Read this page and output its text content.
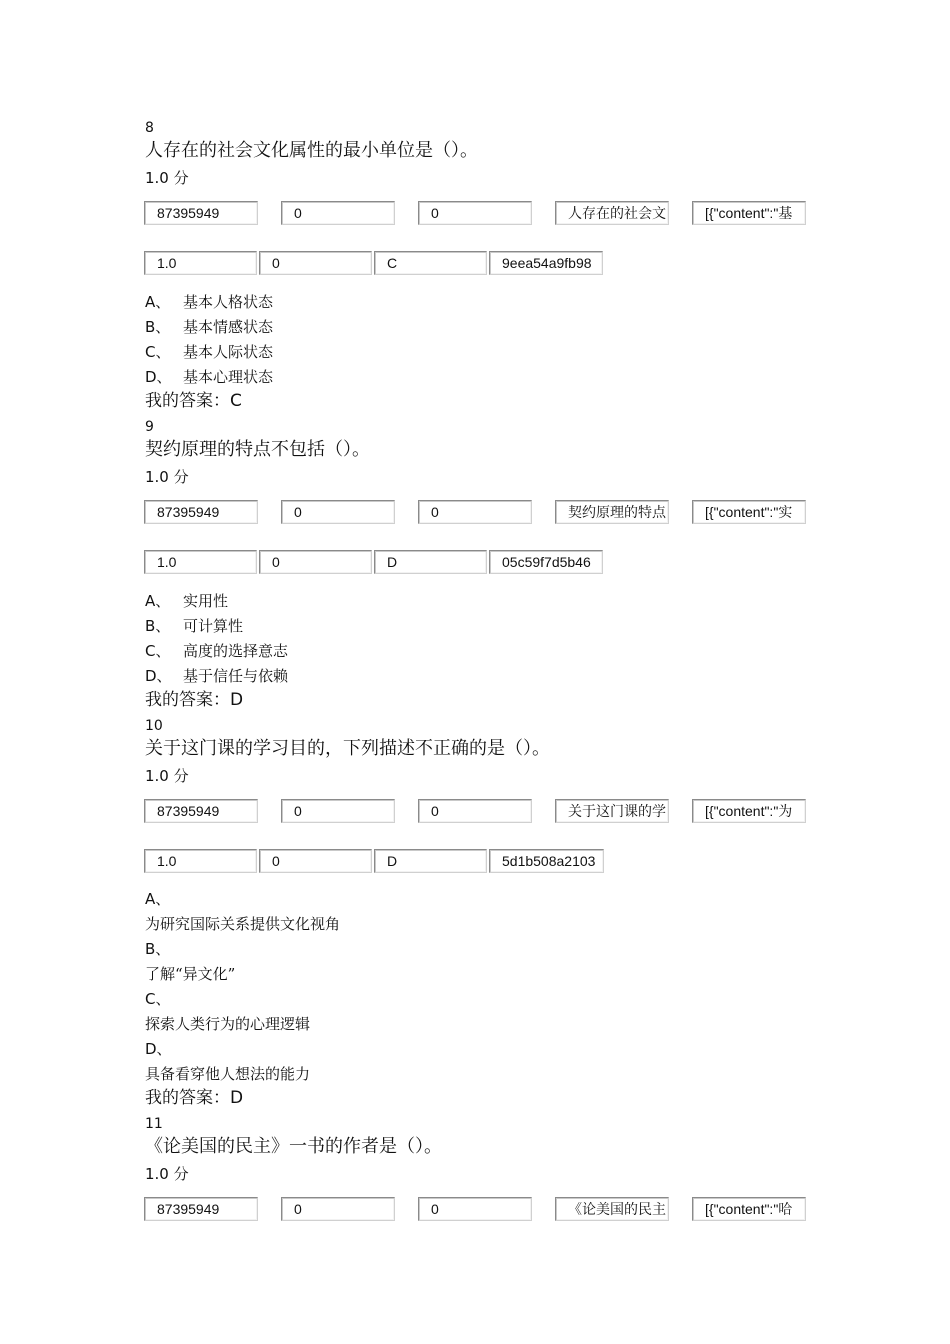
8
人存在的社会文化属性的最小单位是（）。
1.0 分
87395949	0	0	人存在的社会文	[{"content":"基
1.0	0	C	9eea54a9fb98
A、 基本人格状态
B、 基本情感状态
C、 基本人际状态
D、 基本心理状态
我的答案：C
9
契约原理的特点不包括（）。
1.0 分
87395949	0	0	契约原理的特点	[{"content":"实
1.0	0	D	05c59f7d5b46
A、 实用性
B、 可计算性
C、 高度的选择意志
D、 基于信任与依赖
我的答案：D
10
关于这门课的学习目的，下列描述不正确的是（）。
1.0 分
87395949	0	0	关于这门课的学	[{"content":"为
1.0	0	D	5d1b508a2103
A、
为研究国际关系提供文化视角
B、
了解“异文化”
C、
探索人类行为的心理逻辑
D、
具备看穿他人想法的能力
我的答案：D
11
《论美国的民主》一书的作者是（）。
1.0 分
87395949	0	0	《论美国的民主	[{"content":"哈
